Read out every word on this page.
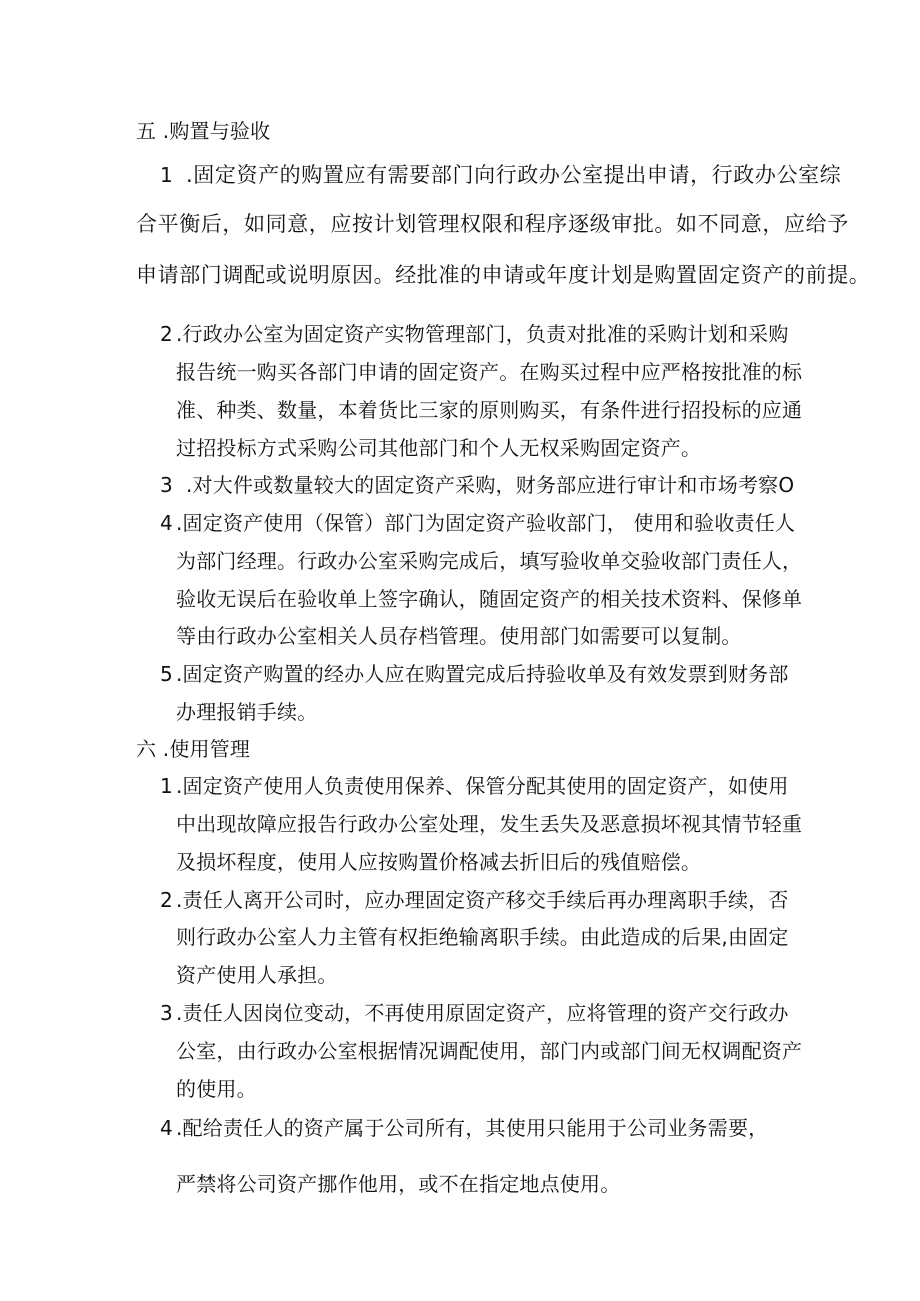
五 .购置与验收

1 .固定资产的购置应有需要部门向行政办公室提出申请，行政办公室综

合平衡后，如同意，应按计划管理权限和程序逐级审批。如不同意，应给予

申请部门调配或说明原因。经批准的申请或年度计划是购置固定资产的前提。

2 .行政办公室为固定资产实物管理部门，负责对批准的采购计划和采购

报告统一购买各部门申请的固定资产。在购买过程中应严格按批准的标

准、种类、数量，本着货比三家的原则购买，有条件进行招投标的应通

过招投标方式采购公司其他部门和个人无权采购固定资产。

3 .对大件或数量较大的固定资产采购，财务部应进行审计和市场考察O

4 .固定资产使用（保管）部门为固定资产验收部门， 使用和验收责任人

为部门经理。行政办公室采购完成后，填写验收单交验收部门责任人，

验收无误后在验收单上签字确认，随固定资产的相关技术资料、保修单

等由行政办公室相关人员存档管理。使用部门如需要可以复制。

5 .固定资产购置的经办人应在购置完成后持验收单及有效发票到财务部

办理报销手续。

六 .使用管理

1 .固定资产使用人负责使用保养、保管分配其使用的固定资产，如使用

中出现故障应报告行政办公室处理，发生丢失及恶意损坏视其情节轻重

及损坏程度，使用人应按购置价格减去折旧后的残值赔偿。

2 .责任人离开公司时，应办理固定资产移交手续后再办理离职手续，否

则行政办公室人力主管有权拒绝输离职手续。由此造成的后果,由固定

资产使用人承担。

3 .责任人因岗位变动，不再使用原固定资产，应将管理的资产交行政办

公室，由行政办公室根据情况调配使用，部门内或部门间无权调配资产

的使用。

4 .配给责任人的资产属于公司所有，其使用只能用于公司业务需要，

严禁将公司资产挪作他用，或不在指定地点使用。
